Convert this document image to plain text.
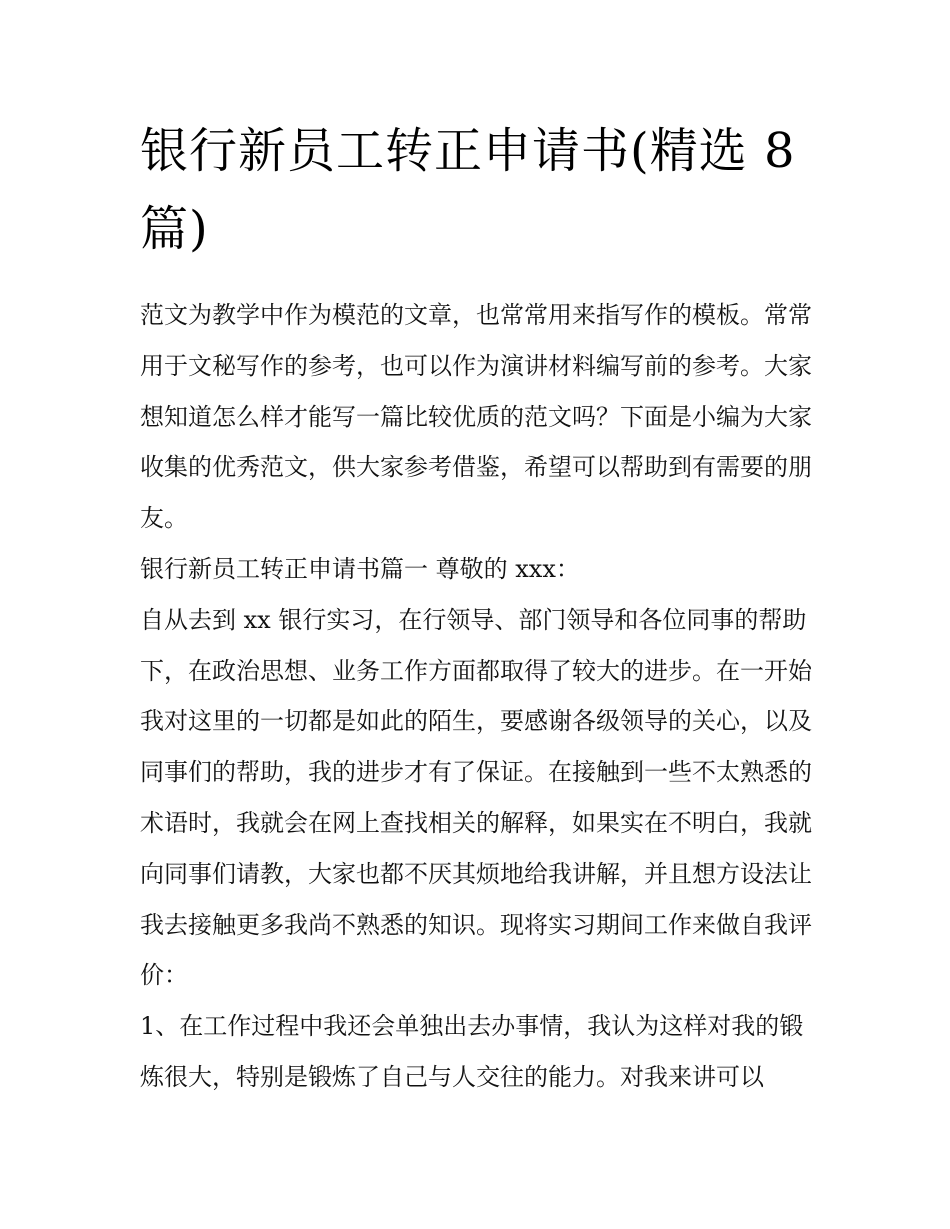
银行新员工转正申请书(精选 8 篇)

范文为教学中作为模范的文章，也常常用来指写作的模板。常常用于文秘写作的参考，也可以作为演讲材料编写前的参考。大家想知道怎么样才能写一篇比较优质的范文吗？下面是小编为大家收集的优秀范文，供大家参考借鉴，希望可以帮助到有需要的朋友。

银行新员工转正申请书篇一 尊敬的 xxx：

自从去到 xx 银行实习，在行领导、部门领导和各位同事的帮助下，在政治思想、业务工作方面都取得了较大的进步。在一开始我对这里的一切都是如此的陌生，要感谢各级领导的关心，以及同事们的帮助，我的进步才有了保证。在接触到一些不太熟悉的术语时，我就会在网上查找相关的解释，如果实在不明白，我就向同事们请教，大家也都不厌其烦地给我讲解，并且想方设法让我去接触更多我尚不熟悉的知识。现将实习期间工作来做自我评价：

1、在工作过程中我还会单独出去办事情，我认为这样对我的锻炼很大，特别是锻炼了自己与人交往的能力。对我来讲可以
